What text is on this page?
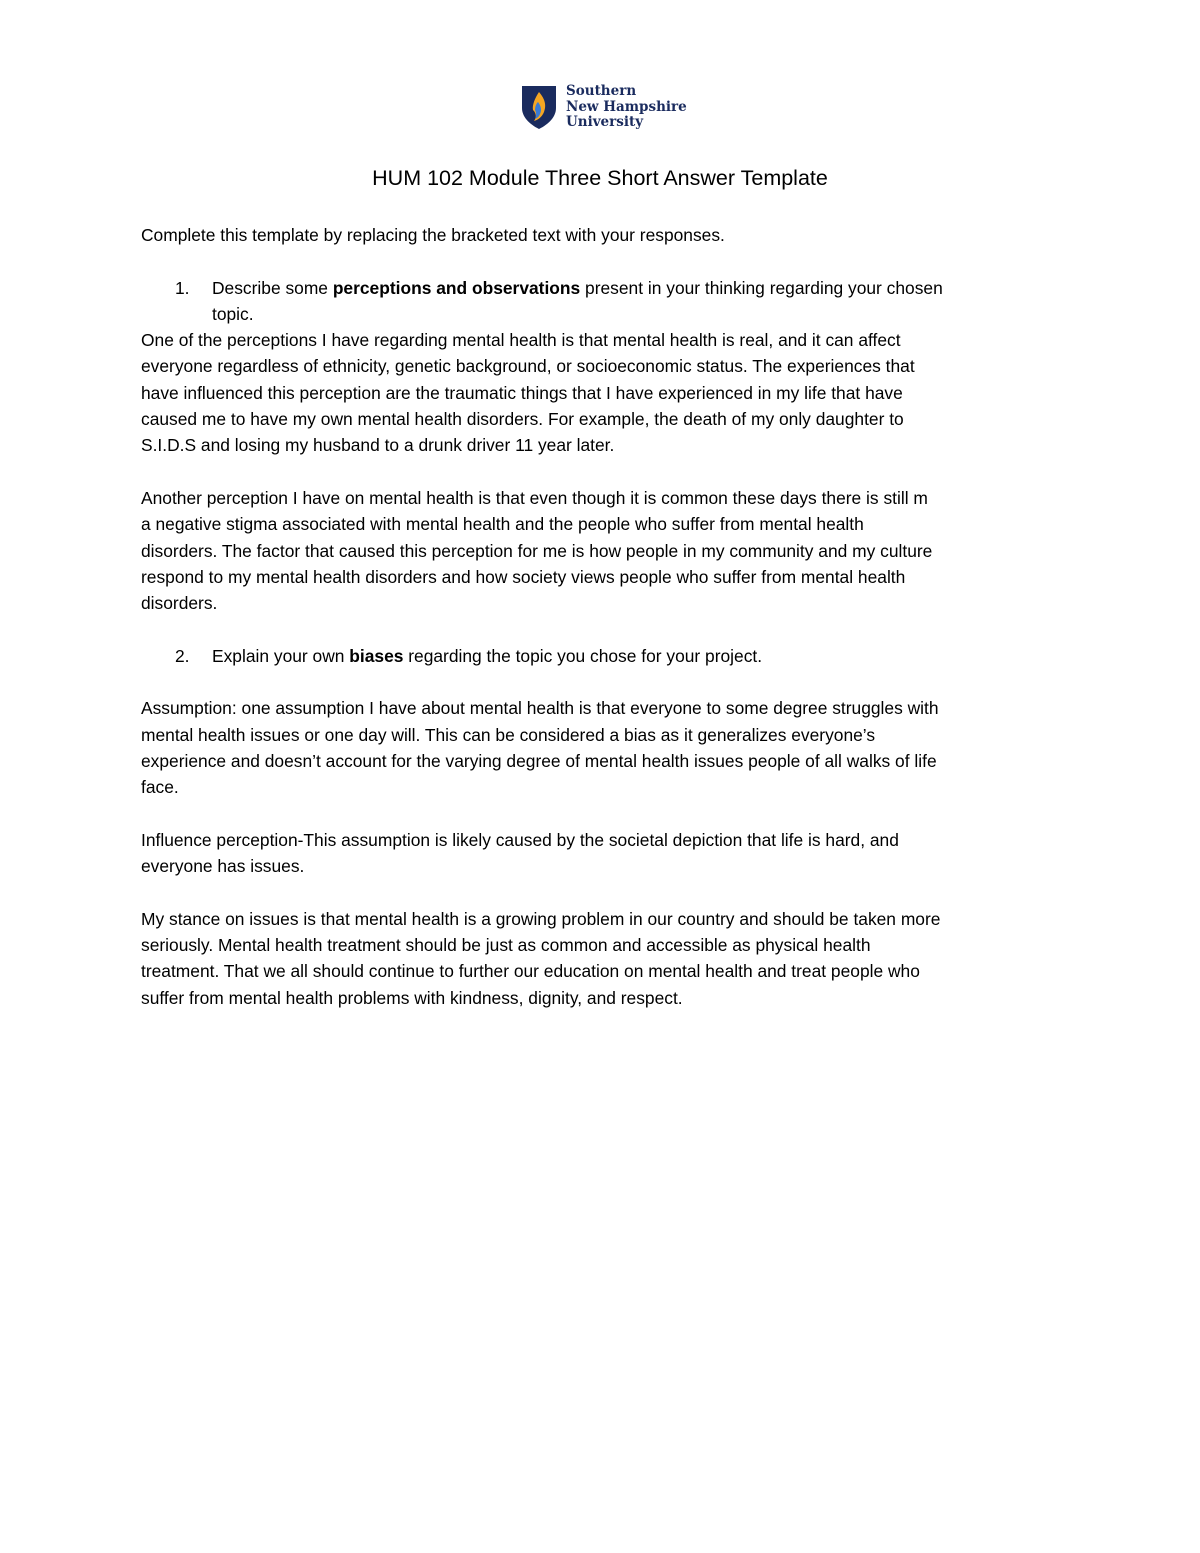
Southern
New Hampshire
University
HUM 102 Module Three Short Answer Template

Complete this template by replacing the bracketed text with your responses.

1. Describe some perceptions and observations present in your thinking regarding your chosen
topic.

One of the perceptions I have regarding mental health is that mental health is real, and it can affect

everyone regardless of ethnicity, genetic background, or socioeconomic status. The experiences that

have influenced this perception are the traumatic things that I have experienced in my life that have

caused me to have my own mental health disorders. For example, the death of my only daughter to

S.I.D.S and losing my husband to a drunk driver 11 year later.

Another perception I have on mental health is that even though it is common these days there is still m

a negative stigma associated with mental health and the people who suffer from mental health

disorders. The factor that caused this perception for me is how people in my community and my culture

respond to my mental health disorders and how society views people who suffer from mental health

disorders.

2. Explain your own biases regarding the topic you chose for your project.

Assumption: one assumption I have about mental health is that everyone to some degree struggles with

mental health issues or one day will. This can be considered a bias as it generalizes everyone’s

experience and doesn’t account for the varying degree of mental health issues people of all walks of life

face.

Influence perception-This assumption is likely caused by the societal depiction that life is hard, and

everyone has issues.

My stance on issues is that mental health is a growing problem in our country and should be taken more

seriously. Mental health treatment should be just as common and accessible as physical health

treatment. That we all should continue to further our education on mental health and treat people who

suffer from mental health problems with kindness, dignity, and respect.
